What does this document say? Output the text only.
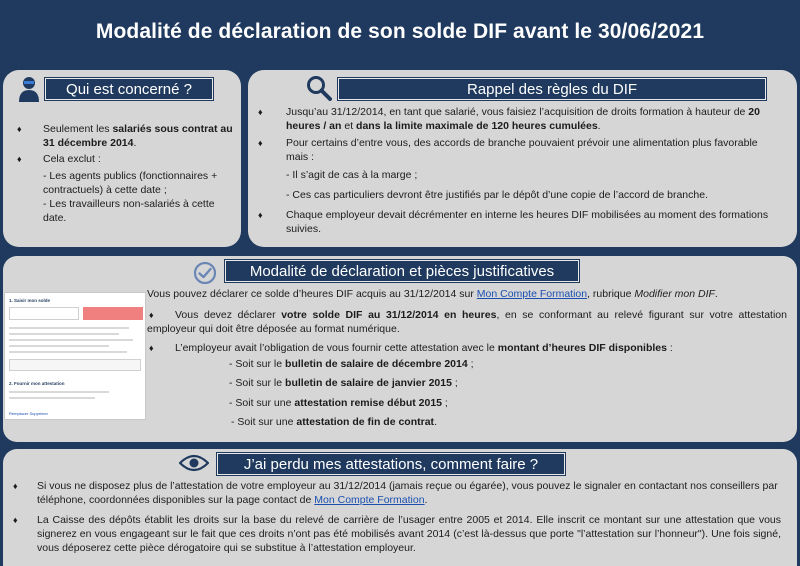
Modalité de déclaration de son solde DIF avant le 30/06/2021
Qui est concerné ?
♦ Seulement les salariés sous contrat au 31 décembre 2014.
♦ Cela exclut :
- Les agents publics (fonctionnaires + contractuels) à cette date ;
- Les travailleurs non-salariés à cette date.
Rappel des règles du DIF
♦ Jusqu’au 31/12/2014, en tant que salarié, vous faisiez l’acquisition de droits formation à hauteur de 20 heures / an et dans la limite maximale de 120 heures cumulées.
♦ Pour certains d’entre vous, des accords de branche pouvaient prévoir une alimentation plus favorable mais :
- Il s’agit de cas à la marge ;
- Ces cas particuliers devront être justifiés par le dépôt d’une copie de l’accord de branche.
♦ Chaque employeur devait décrémenter en interne les heures DIF mobilisées au moment des formations suivies.
Modalité de déclaration et pièces justificatives
Vous pouvez déclarer ce solde d’heures DIF acquis au 31/12/2014 sur Mon Compte Formation, rubrique Modifier mon DIF.
♦	Vous devez déclarer votre solde DIF au 31/12/2014 en heures, en se conformant au relevé figurant sur votre attestation employeur qui doit être déposée au format numérique.
♦ L’employeur avait l’obligation de vous fournir cette attestation avec le montant d’heures DIF disponibles :
- Soit sur le bulletin de salaire de décembre 2014 ;
- Soit sur le bulletin de salaire de janvier 2015 ;
- Soit sur une attestation remise début 2015 ;
- Soit sur une attestation de fin de contrat.
1. Saisir mon solde
2. Fournir mon attestation
Remplacer Supprimer
J’ai perdu mes attestations, comment faire ?
♦ Si vous ne disposez plus de l’attestation de votre employeur au 31/12/2014 (jamais reçue ou égarée), vous pouvez le signaler en contactant nos conseillers par téléphone, coordonnées disponibles sur la page contact de Mon Compte Formation.
♦ La Caisse des dépôts établit les droits sur la base du relevé de carrière de l’usager entre 2005 et 2014. Elle inscrit ce montant sur une attestation que vous signerez en vous engageant sur le fait que ces droits n’ont pas été mobilisés avant 2014 (c’est là-dessus que porte "l’attestation sur l’honneur"). Une fois signé, vous déposerez cette pièce dérogatoire qui se substitue à l’attestation employeur.
